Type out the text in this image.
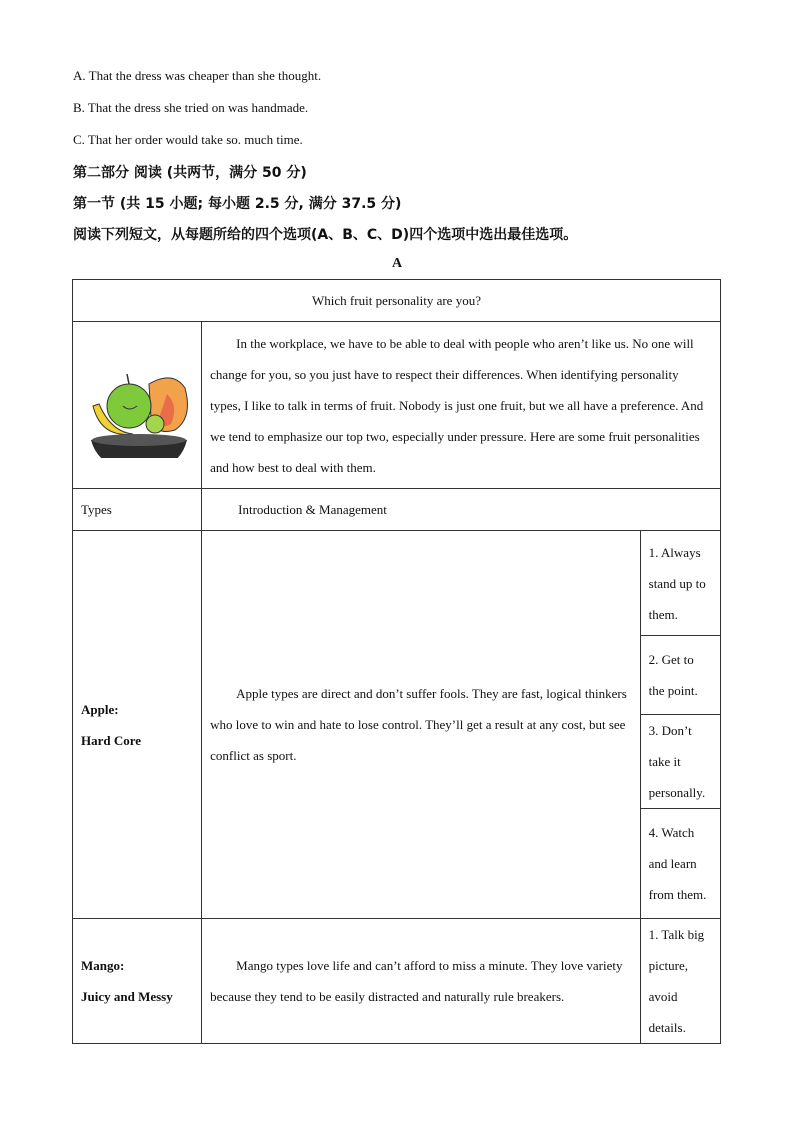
A. That the dress was cheaper than she thought.
B. That the dress she tried on was handmade.
C. That her order would take so. much time.
第二部分 阅读 (共两节，满分 50 分)
第一节 (共 15 小题; 每小题 2.5 分, 满分 37.5 分)
阅读下列短文，从每题所给的四个选项(A、B、C、D)四个选项中选出最佳选项。
A
Which fruit personality are you?		

In the workplace, we have to be able to deal with people who aren’t like us. No one will change for you, so you just have to respect their differences. When identifying personality types, I like to talk in terms of fruit. Nobody is just one fruit, but we all have a preference. And we tend to emphasize our top two, especially under pressure. Here are some fruit personalities and how best to deal with them.	

Types	Introduction & Management	

Apple:
Hard Core	Apple types are direct and don’t suffer fools. They are fast, logical thinkers who love to win and hate to lose control. They’ll get a result at any cost, but see conflict as sport.	1. Always stand up to them.

		2. Get to the point.

		3. Don’t take it personally.

		4. Watch and learn from them.

Mango:
Juicy and Messy	Mango types love life and can’t afford to miss a minute. They love variety because they tend to be easily distracted and naturally rule breakers.	1. Talk big picture, avoid details.
